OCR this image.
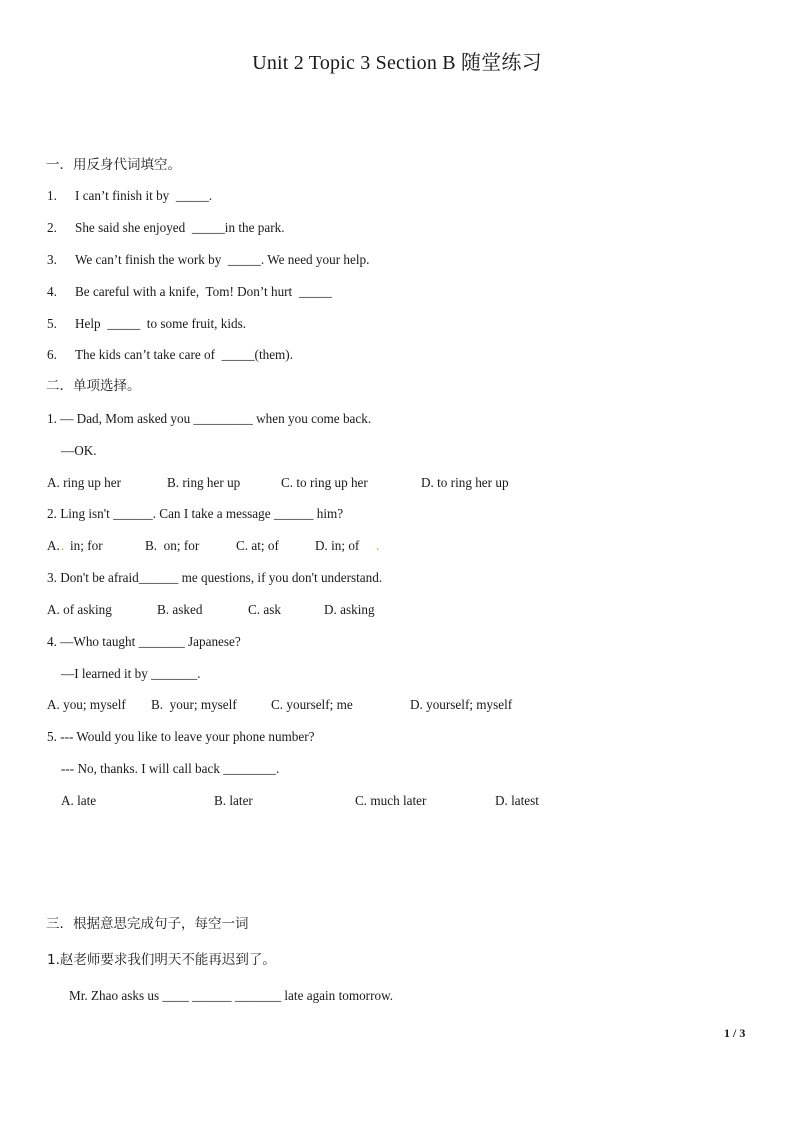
Unit 2 Topic 3 Section B 随堂练习
一．用反身代词填空。
1. I can’t finish it by  _____.
2. She said she enjoyed  _____in the park.
3. We can’t finish the work by  _____. We need your help.
4. Be careful with a knife,  Tom! Don’t hurt  _____
5. Help  _____  to some fruit, kids.
6. The kids can’t take care of  _____(them).
二．单项选择。
1. — Dad, Mom asked you _________ when you come back.
—OK.
A. ring up her	B. ring her up	C. to ring up her	D. to ring her up
2. Ling isn't ______. Can I take a message ______ him?
A. . in; for	B.  on; for	C. at; of	D. in; of .
3. Don't be afraid______ me questions, if you don't understand.
A. of asking	B. asked	C. ask	D. asking
4. —Who taught _______ Japanese?
—I learned it by _______.
A. you; myself B.  your; myself	C. yourself; me	D. yourself; myself
5. --- Would you like to leave your phone number?
--- No, thanks. I will call back ________.
A. late	B. later	C. much later	D. latest
三．根据意思完成句子，每空一词
1.赵老师要求我们明天不能再迟到了。
Mr. Zhao asks us ____ ______ _______ late again tomorrow.
1 / 3
